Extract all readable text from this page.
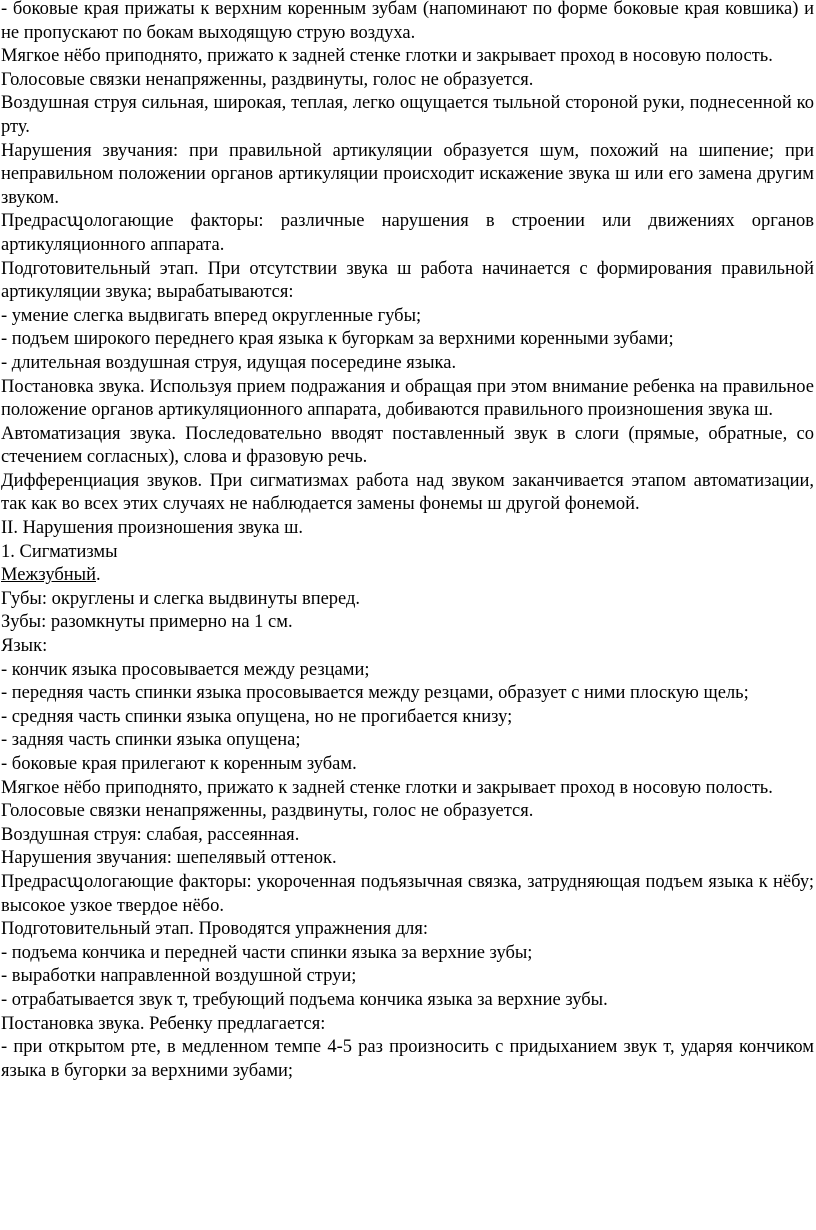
- боковые края прижаты к верхним коренным зубам (напоминают по форме боковые края ковшика) и не пропускают по бокам выходящую струю воздуха.

Мягкое нёбо приподнято, прижато к задней стенке глотки и закрывает проход в носовую полость.

Голосовые связки ненапряженны, раздвинуты, голос не образуется.

Воздушная струя сильная, широкая, теплая, легко ощущается тыльной стороной руки, поднесенной ко рту.

Нарушения звучания: при правильной артикуляции образуется шум, похожий на шипение; при неправильном положении органов артикуляции происходит искажение звука ш или его замена другим звуком.

Предрасպологающие факторы: различные нарушения в строении или движениях органов артикуляционного аппарата.

Подготовительный этап. При отсутствии звука ш работа начинается с формирования правильной артикуляции звука; вырабатываются:

- умение слегка выдвигать вперед округленные губы;

- подъем широкого переднего края языка к бугоркам за верхними коренными зубами;

- длительная воздушная струя, идущая посередине языка.

Постановка звука. Используя прием подражания и обращая при этом внимание ребенка на правильное положение органов артикуляционного аппарата, добиваются правильного произношения звука ш.

Автоматизация звука. Последовательно вводят поставленный звук в слоги (прямые, обратные, со стечением согласных), слова и фразовую речь.

Дифференциация звуков. При сигматизмах работа над звуком заканчивается этапом автоматизации, так как во всех этих случаях не наблюдается замены фонемы ш другой фонемой.

II. Нарушения произношения звука ш.

1. Сигматизмы

Межзубный.

Губы: округлены и слегка выдвинуты вперед.

Зубы: разомкнуты примерно на 1 см.

Язык:

- кончик языка просовывается между резцами;

- передняя часть спинки языка просовывается между резцами, образует с ними плоскую щель;

- средняя часть спинки языка опущена, но не прогибается книзу;

- задняя часть спинки языка опущена;

- боковые края прилегают к коренным зубам.

Мягкое нёбо приподнято, прижато к задней стенке глотки и закрывает проход в носовую полость.

Голосовые связки ненапряженны, раздвинуты, голос не образуется.

Воздушная струя: слабая, рассеянная.

Нарушения звучания: шепелявый оттенок.

Предрасպологающие факторы: укороченная подъязычная связка, затрудняющая подъем языка к нёбу; высокое узкое твердое нёбо.

Подготовительный этап. Проводятся упражнения для:

- подъема кончика и передней части спинки языка за верхние зубы;

- выработки направленной воздушной струи;

- отрабатывается звук т, требующий подъема кончика языка за верхние зубы.

Постановка звука. Ребенку предлагается:

- при открытом рте, в медленном темпе 4-5 раз произносить с придыханием звук т, ударяя кончиком языка в бугорки за верхними зубами;
